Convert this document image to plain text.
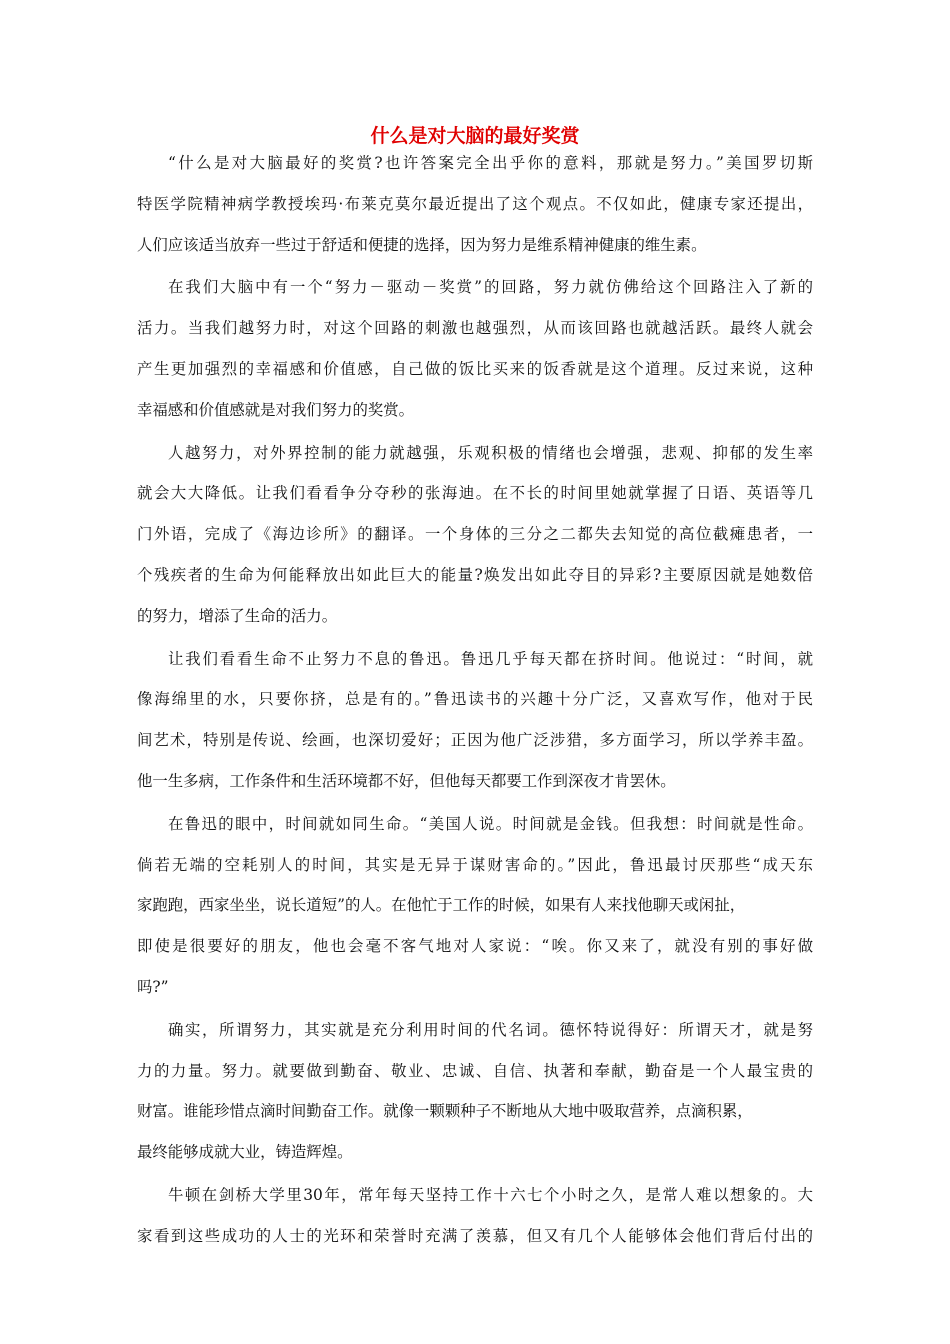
什么是对大脑的最好奖赏
“什么是对大脑最好的奖赏?也许答案完全出乎你的意料，那就是努力。”美国罗切斯
特医学院精神病学教授埃玛·布莱克莫尔最近提出了这个观点。不仅如此，健康专家还提出，
人们应该适当放弃一些过于舒适和便捷的选择，因为努力是维系精神健康的维生素。
在我们大脑中有一个“努力－驱动－奖赏”的回路，努力就仿佛给这个回路注入了新的
活力。当我们越努力时，对这个回路的刺激也越强烈，从而该回路也就越活跃。最终人就会
产生更加强烈的幸福感和价值感，自己做的饭比买来的饭香就是这个道理。反过来说，这种
幸福感和价值感就是对我们努力的奖赏。
人越努力，对外界控制的能力就越强，乐观积极的情绪也会增强，悲观、抑郁的发生率
就会大大降低。让我们看看争分夺秒的张海迪。在不长的时间里她就掌握了日语、英语等几
门外语，完成了《海边诊所》的翻译。一个身体的三分之二都失去知觉的高位截瘫患者，一
个残疾者的生命为何能释放出如此巨大的能量?焕发出如此夺目的异彩?主要原因就是她数倍
的努力，增添了生命的活力。
让我们看看生命不止努力不息的鲁迅。鲁迅几乎每天都在挤时间。他说过：“时间，就
像海绵里的水，只要你挤，总是有的。”鲁迅读书的兴趣十分广泛，又喜欢写作，他对于民
间艺术，特别是传说、绘画，也深切爱好；正因为他广泛涉猎，多方面学习，所以学养丰盈。
他一生多病，工作条件和生活环境都不好，但他每天都要工作到深夜才肯罢休。
在鲁迅的眼中，时间就如同生命。“美国人说。时间就是金钱。但我想：时间就是性命。
倘若无端的空耗别人的时间，其实是无异于谋财害命的。”因此，鲁迅最讨厌那些“成天东
家跑跑，西家坐坐，说长道短”的人。在他忙于工作的时候，如果有人来找他聊天或闲扯，
即使是很要好的朋友，他也会毫不客气地对人家说：“唉。你又来了，就没有别的事好做
吗?”
确实，所谓努力，其实就是充分利用时间的代名词。德怀特说得好：所谓天才，就是努
力的力量。努力。就要做到勤奋、敬业、忠诚、自信、执著和奉献，勤奋是一个人最宝贵的
财富。谁能珍惜点滴时间勤奋工作。就像一颗颗种子不断地从大地中吸取营养，点滴积累，
最终能够成就大业，铸造辉煌。
牛顿在剑桥大学里30年，常年每天坚持工作十六七个小时之久，是常人难以想象的。大
家看到这些成功的人士的光环和荣誉时充满了羡慕，但又有几个人能够体会他们背后付出的
